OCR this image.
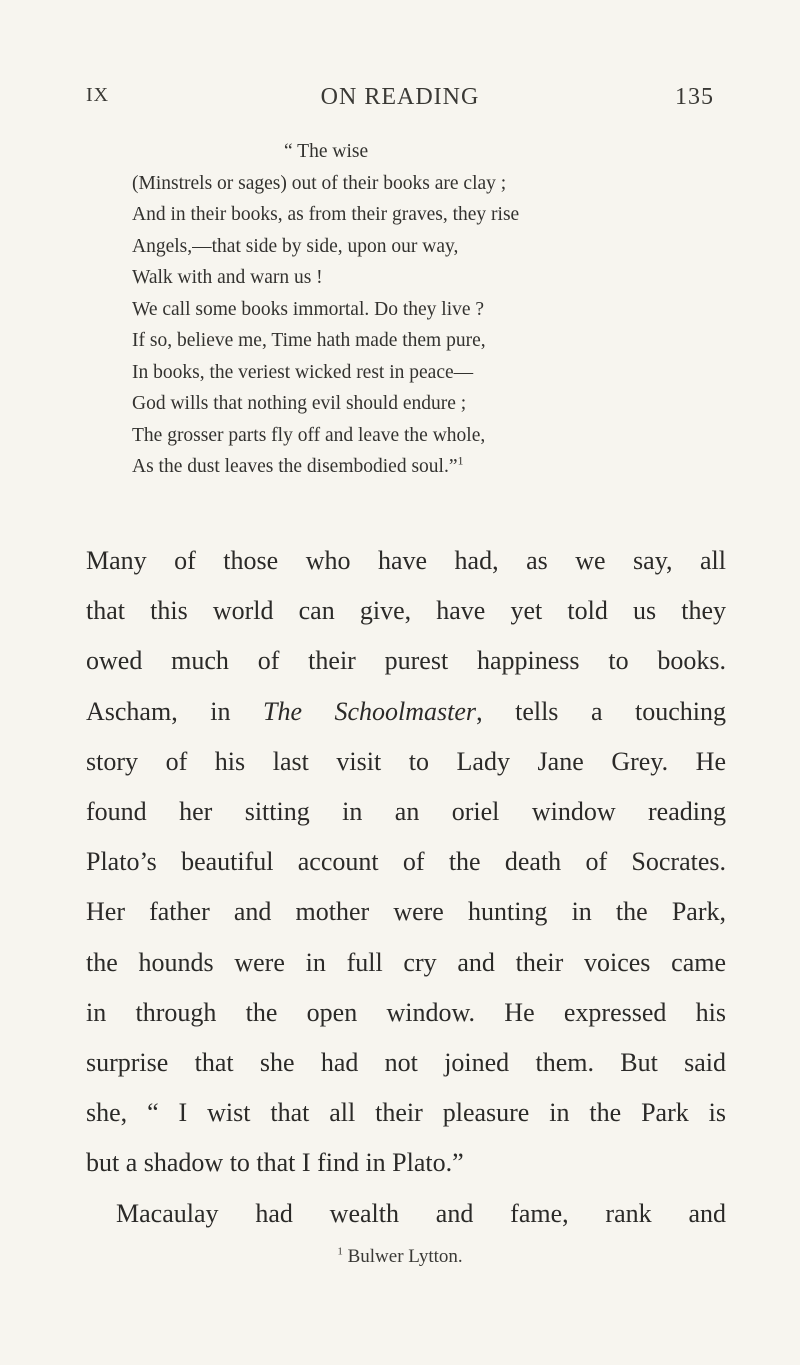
IX	ON READING	135
“ The wise
(Minstrels or sages) out of their books are clay ;
And in their books, as from their graves, they rise
Angels,—that side by side, upon our way,
Walk with and warn us !
We call some books immortal. Do they live ?
If so, believe me, Time hath made them pure,
In books, the veriest wicked rest in peace—
God wills that nothing evil should endure ;
The grosser parts fly off and leave the whole,
As the dust leaves the disembodied soul.”$^1$
Many of those who have had, as we say, all
that this world can give, have yet told us they
owed much of their purest happiness to books.
Ascham, in The Schoolmaster, tells a touching
story of his last visit to Lady Jane Grey. He
found her sitting in an oriel window reading
Plato’s beautiful account of the death of Socrates.
Her father and mother were hunting in the Park,
the hounds were in full cry and their voices came
in through the open window. He expressed his
surprise that she had not joined them. But said
she, “ I wist that all their pleasure in the Park is
but a shadow to that I find in Plato.”
Macaulay had wealth and fame, rank and
$^1$ Bulwer Lytton.
